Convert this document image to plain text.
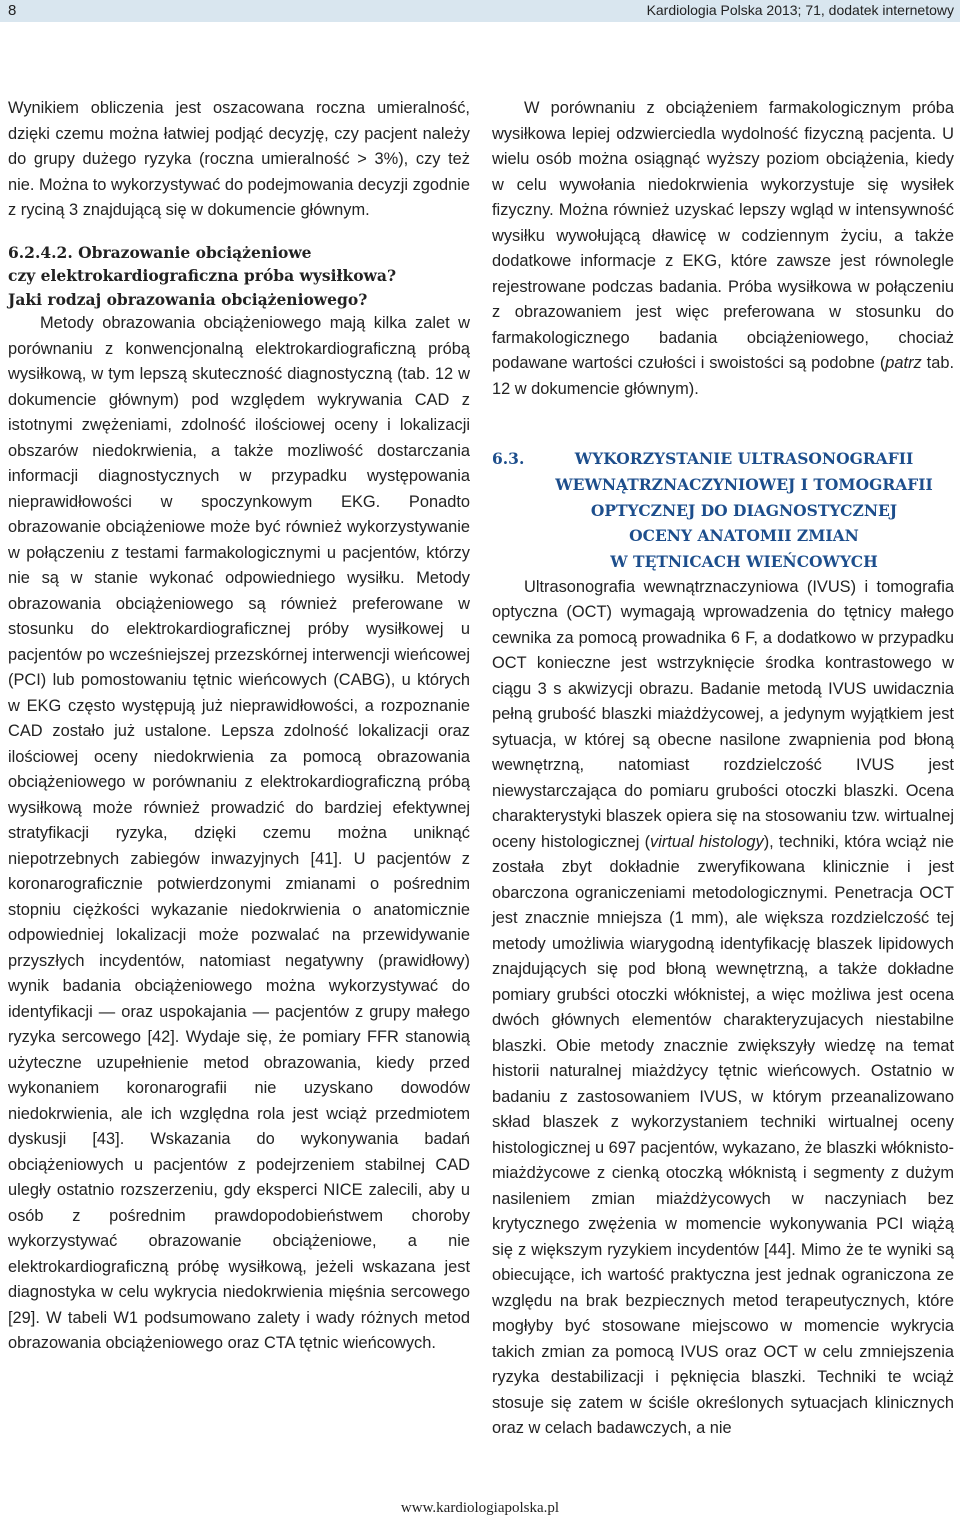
8	Kardiologia Polska 2013; 71, dodatek internetowy

Wynikiem obliczenia jest oszacowana roczna umieralność, dzięki czemu można łatwiej podjąć decyzję, czy pacjent należy do grupy dużego ryzyka (roczna umieralność > 3%), czy też nie. Można to wykorzystywać do podejmowania decyzji zgodnie z ryciną 3 znajdującą się w dokumencie głównym.

6.2.4.2. Obrazowanie obciążeniowe
czy elektrokardiograficzna próba wysiłkowa?
Jaki rodzaj obrazowania obciążeniowego?

Metody obrazowania obciążeniowego mają kilka zalet w porównaniu z konwencjonalną elektrokardiograficzną próbą wysiłkową, w tym lepszą skuteczność diagnostyczną (tab. 12 w dokumencie głównym) pod względem wykrywania CAD z istotnymi zwężeniami, zdolność ilościowej oceny i lokalizacji obszarów niedokrwienia, a także mozliwość dostarczania informacji diagnostycznych w przypadku występowania nieprawidłowości w spoczynkowym EKG. Ponadto obrazowanie obciążeniowe może być również wykorzystywanie w połączeniu z testami farmakologicznymi u pacjentów, którzy nie są w stanie wykonać odpowiedniego wysiłku. Metody obrazowania obciążeniowego są również preferowane w stosunku do elektrokardiograficznej próby wysiłkowej u pacjentów po wcześniejszej przezskórnej interwencji wieńcowej (PCI) lub pomostowaniu tętnic wieńcowych (CABG), u których w EKG często występują już nieprawidłowości, a rozpoznanie CAD zostało już ustalone. Lepsza zdolność lokalizacji oraz ilościowej oceny niedokrwienia za pomocą obrazowania obciążeniowego w porównaniu z elektrokardiograficzną próbą wysiłkową może również prowadzić do bardziej efektywnej stratyfikacji ryzyka, dzięki czemu można uniknąć niepotrzebnych zabiegów inwazyjnych [41]. U pacjentów z koronarograficznie potwierdzonymi zmianami o pośrednim stopniu ciężkości wykazanie niedokrwienia o anatomicznie odpowiedniej lokalizacji może pozwalać na przewidywanie przyszłych incydentów, natomiast negatywny (prawidłowy) wynik badania obciążeniowego można wykorzystywać do identyfikacji — oraz uspokajania — pacjentów z grupy małego ryzyka sercowego [42]. Wydaje się, że pomiary FFR stanowią użyteczne uzupełnienie metod obrazowania, kiedy przed wykonaniem koronarografii nie uzyskano dowodów niedokrwienia, ale ich względna rola jest wciąż przedmiotem dyskusji [43]. Wskazania do wykonywania badań obciążeniowych u pacjentów z podejrzeniem stabilnej CAD uległy ostatnio rozszerzeniu, gdy eksperci NICE zalecili, aby u osób z pośrednim prawdopodobieństwem choroby wykorzystywać obrazowanie obciążeniowe, a nie elektrokardiograficzną próbę wysiłkową, jeżeli wskazana jest diagnostyka w celu wykrycia niedokrwienia mięśnia sercowego [29]. W tabeli W1 podsumowano zalety i wady różnych metod obrazowania obciążeniowego oraz CTA tętnic wieńcowych.

W porównaniu z obciążeniem farmakologicznym próba wysiłkowa lepiej odzwierciedla wydolność fizyczną pacjenta. U wielu osób można osiągnąć wyższy poziom obciążenia, kiedy w celu wywołania niedokrwienia wykorzystuje się wysiłek fizyczny. Można również uzyskać lepszy wgląd w intensywność wysiłku wywołującą dławicę w codziennym życiu, a także dodatkowe informacje z EKG, które zawsze jest równolegle rejestrowane podczas badania. Próba wysiłkowa w połączeniu z obrazowaniem jest więc preferowana w stosunku do farmakologicznego badania obciążeniowego, chociaż podawane wartości czułości i swoistości są podobne (patrz tab. 12 w dokumencie głównym).

6.3.	WYKORZYSTANIE ULTRASONOGRAFII
WEWNĄTRZNACZYNIOWEJ I TOMOGRAFII
OPTYCZNEJ DO DIAGNOSTYCZNEJ
OCENY ANATOMII ZMIAN
W TĘTNICACH WIEŃCOWYCH

Ultrasonografia wewnątrznaczyniowa (IVUS) i tomografia optyczna (OCT) wymagają wprowadzenia do tętnicy małego cewnika za pomocą prowadnika 6 F, a dodatkowo w przypadku OCT konieczne jest wstrzyknięcie środka kontrastowego w ciągu 3 s akwizycji obrazu. Badanie metodą IVUS uwidacznia pełną grubość blaszki miażdżycowej, a jedynym wyjątkiem jest sytuacja, w której są obecne nasilone zwapnienia pod błoną wewnętrzną, natomiast rozdzielczość IVUS jest niewystarczająca do pomiaru grubości otoczki blaszki. Ocena charakterystyki blaszek opiera się na stosowaniu tzw. wirtualnej oceny histologicznej (virtual histology), techniki, która wciąż nie została zbyt dokładnie zweryfikowana klinicznie i jest obarczona ograniczeniami metodologicznymi. Penetracja OCT jest znacznie mniejsza (1 mm), ale większa rozdzielczość tej metody umożliwia wiarygodną identyfikację blaszek lipidowych znajdujących się pod błoną wewnętrzną, a także dokładne pomiary grubści otoczki włóknistej, a więc możliwa jest ocena dwóch głównych elementów charakteryzujacych niestabilne blaszki. Obie metody znacznie zwiększyły wiedzę na temat historii naturalnej miażdżycy tętnic wieńcowych. Ostatnio w badaniu z zastosowaniem IVUS, w którym przeanalizowano skład blaszek z wykorzystaniem techniki wirtualnej oceny histologicznej u 697 pacjentów, wykazano, że blaszki włóknisto-miażdżycowe z cienką otoczką włóknistą i segmenty z dużym nasileniem zmian miażdżycowych w naczyniach bez krytycznego zwężenia w momencie wykonywania PCI wiążą się z większym ryzykiem incydentów [44]. Mimo że te wyniki są obiecujące, ich wartość praktyczna jest jednak ograniczona ze względu na brak bezpiecznych metod terapeutycznych, które mogłyby być stosowane miejscowo w momencie wykrycia takich zmian za pomocą IVUS oraz OCT w celu zmniejszenia ryzyka destabilizacji i pęknięcia blaszki. Techniki te wciąż stosuje się zatem w ściśle określonych sytuacjach klinicznych oraz w celach badawczych, a nie

www.kardiologiapolska.pl
